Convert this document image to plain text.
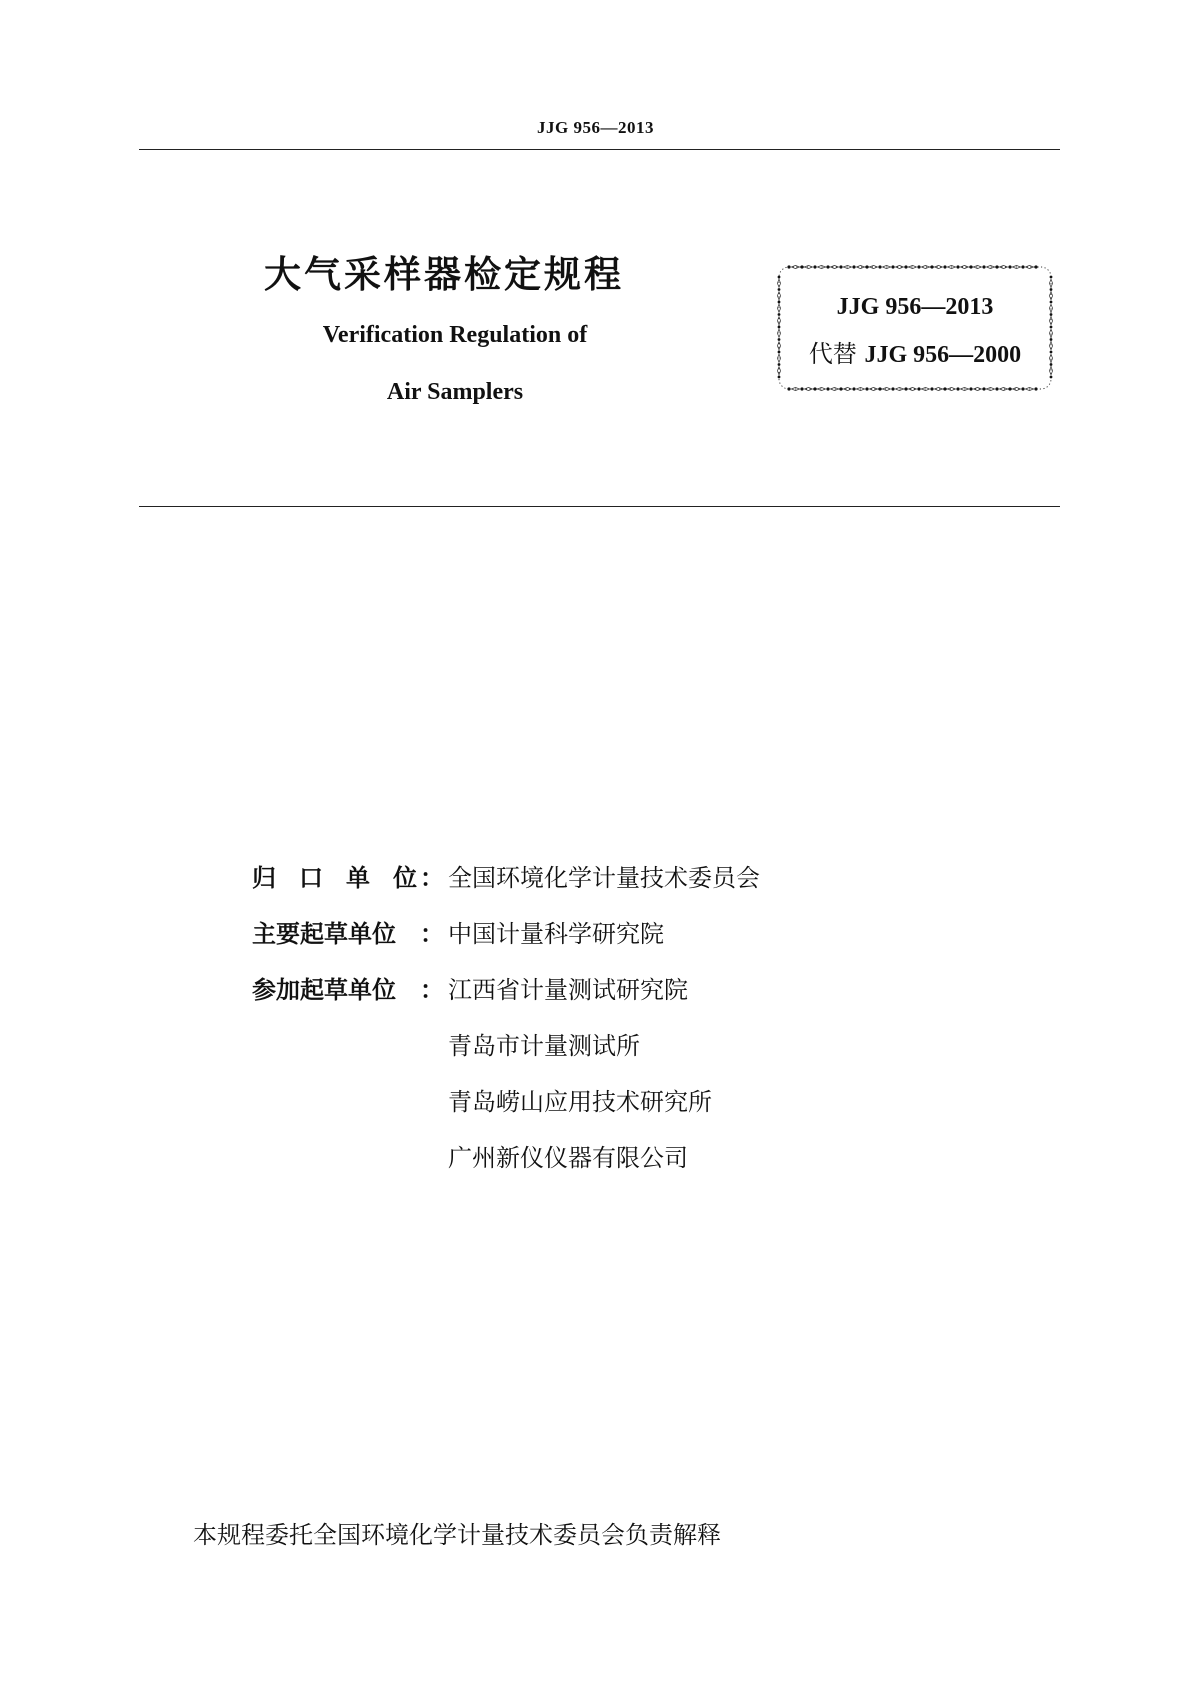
JJG 956—2013
大气采样器检定规程
Verification Regulation of
Air Samplers
JJG 956—2013
代替 JJG 956—2000
归 口 单 位 ： 全国环境化学计量技术委员会
主要起草单位	： 中国计量科学研究院
参加起草单位	： 江西省计量测试研究院
青岛市计量测试所
青岛崂山应用技术研究所
广州新仪仪器有限公司
本规程委托全国环境化学计量技术委员会负责解释
